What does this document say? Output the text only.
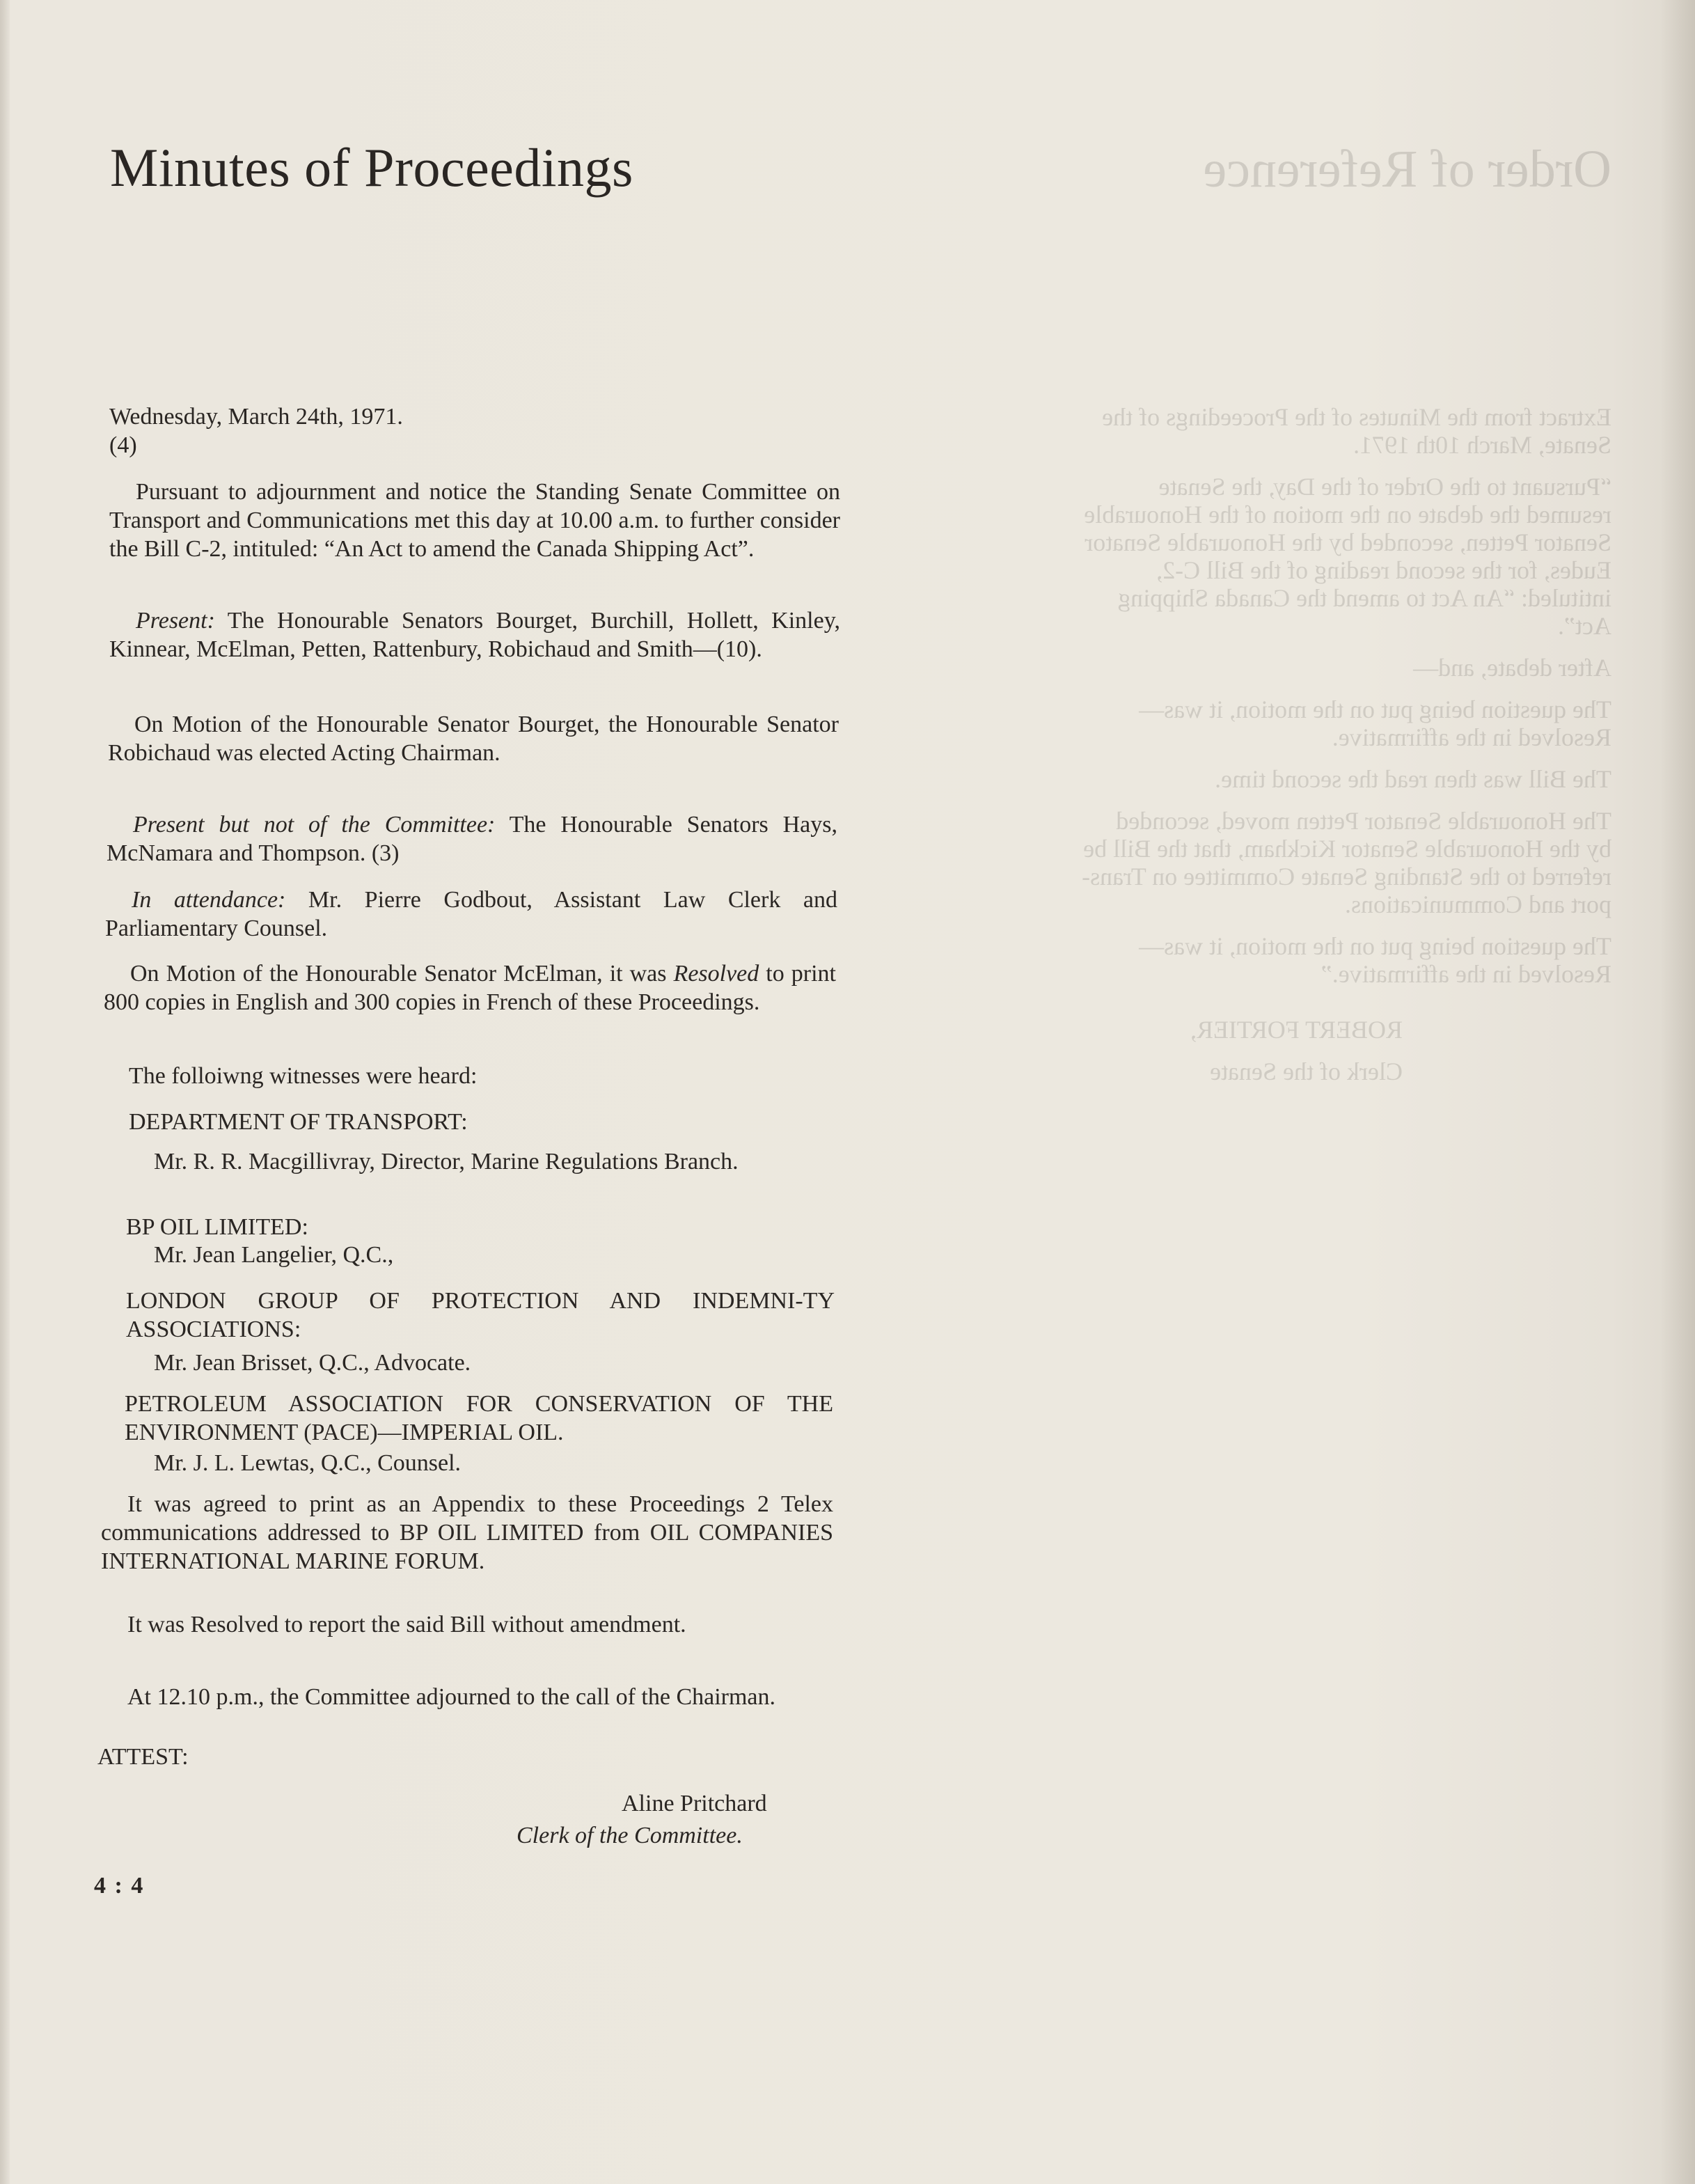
Order of Reference
Extract from the Minutes of the Proceedings of the
Senate, March 10th 1971.
“Pursuant to the Order of the Day, the Senate
resumed the debate on the motion of the Honourable
Senator Petten, seconded by the Honourable Senator
Eudes, for the second reading of the Bill C-2,
intituled: “An Act to amend the Canada Shipping
Act”.
After debate, and—
The question being put on the motion, it was—
Resolved in the affirmative.
The Bill was then read the second time.
The Honourable Senator Petten moved, seconded
by the Honourable Senator Kickham, that the Bill be
referred to the Standing Senate Committee on Trans-
port and Communications.
The question being put on the motion, it was—
Resolved in the affirmative.”
ROBERT FORTIER,
Clerk of the Senate
Minutes of Proceedings
Wednesday, March 24th, 1971.
(4)

Pursuant to adjournment and notice the Standing Senate Committee on Transport and Communications met this day at 10.00 a.m. to further consider the Bill C-2, intituled: “An Act to amend the Canada Shipping Act”.

Present: The Honourable Senators Bourget, Burchill, Hollett, Kinley, Kinnear, McElman, Petten, Rattenbury, Robichaud and Smith—(10).

On Motion of the Honourable Senator Bourget, the Honourable Senator Robichaud was elected Acting Chairman.

Present but not of the Committee: The Honourable Senators Hays, McNamara and Thompson. (3)

In attendance: Mr. Pierre Godbout, Assistant Law Clerk and Parliamentary Counsel.

On Motion of the Honourable Senator McElman, it was Resolved to print 800 copies in English and 300 copies in French of these Proceedings.

The folloiwng witnesses were heard:
DEPARTMENT OF TRANSPORT:
Mr. R. R. Macgillivray, Director, Marine Regulations Branch.
BP OIL LIMITED:
Mr. Jean Langelier, Q.C.,
LONDON GROUP OF PROTECTION AND INDEMNI-TY ASSOCIATIONS:
Mr. Jean Brisset, Q.C., Advocate.
PETROLEUM ASSOCIATION FOR CONSERVATION OF THE ENVIRONMENT (PACE)—IMPERIAL OIL.
Mr. J. L. Lewtas, Q.C., Counsel.

It was agreed to print as an Appendix to these Proceedings 2 Telex communications addressed to BP OIL LIMITED from OIL COMPANIES INTERNATIONAL MARINE FORUM.

It was Resolved to report the said Bill without amendment.

At 12.10 p.m., the Committee adjourned to the call of the Chairman.

ATTEST:
Aline Pritchard
Clerk of the Committee.
4 : 4
